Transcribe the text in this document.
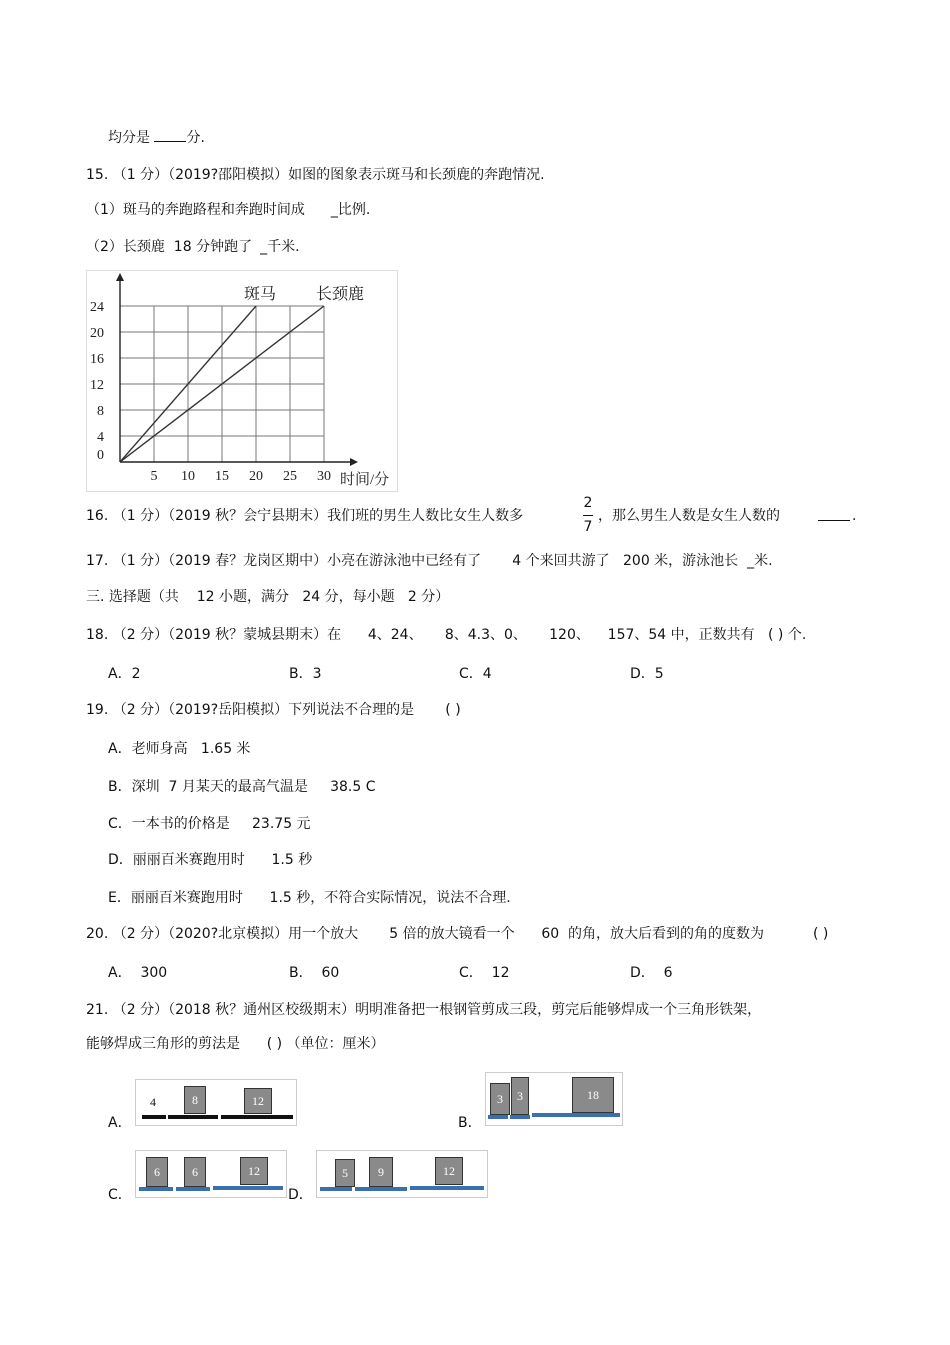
均分是	分.
15. （1 分）（2019?邵阳模拟）如图的图象表示斑马和长颈鹿的奔跑情况.
（1）斑马的奔跑路程和奔跑时间成 _比例.
（2）长颈鹿  18 分钟跑了 _千米.
5 10 15 20 25 30
0
4
8
12
16
20
24
时间/分
斑马 长颈鹿
16. （1 分）（2019 秋？会宁县期末）我们班的男生人数比女生人数多
2
7
，那么男生人数是女生人数的	.
17. （1 分）（2019 春？龙岗区期中）小亮在游泳池中已经有了       4 个来回共游了   200 米，游泳池长  _米.
三. 选择题（共    12 小题，满分   24 分，每小题   2 分）
18. （2 分）（2019 秋？蒙城县期末）在      4、24、     8、4.3、0、     120、    157、54 中，正数共有   ( ) 个.
A．2	B．3	C．4	D．5
19. （2 分）（2019?岳阳模拟）下列说法不合理的是       ( )
A．老师身高   1.65 米
B．深圳  7 月某天的最高气温是     38.5 C
C．一本书的价格是     23.75 元
D．丽丽百米赛跑用时      1.5 秒
E．丽丽百米赛跑用时      1.5 秒，不符合实际情况，说法不合理.
20. （2 分）（2020?北京模拟）用一个放大       5 倍的放大镜看一个      60  的角，放大后看到的角的度数为           ( )
A．  300	B．  60	C．  12	D．  6
21. （2 分）（2018 秋？通州区校级期末）明明准备把一根钢管剪成三段，剪完后能够焊成一个三角形铁架，
能够焊成三角形的剪法是      ( ) （单位：厘米）
A．
4	8	12
B．
3	3	18
C．
6	6	12
D．
5	9	12
